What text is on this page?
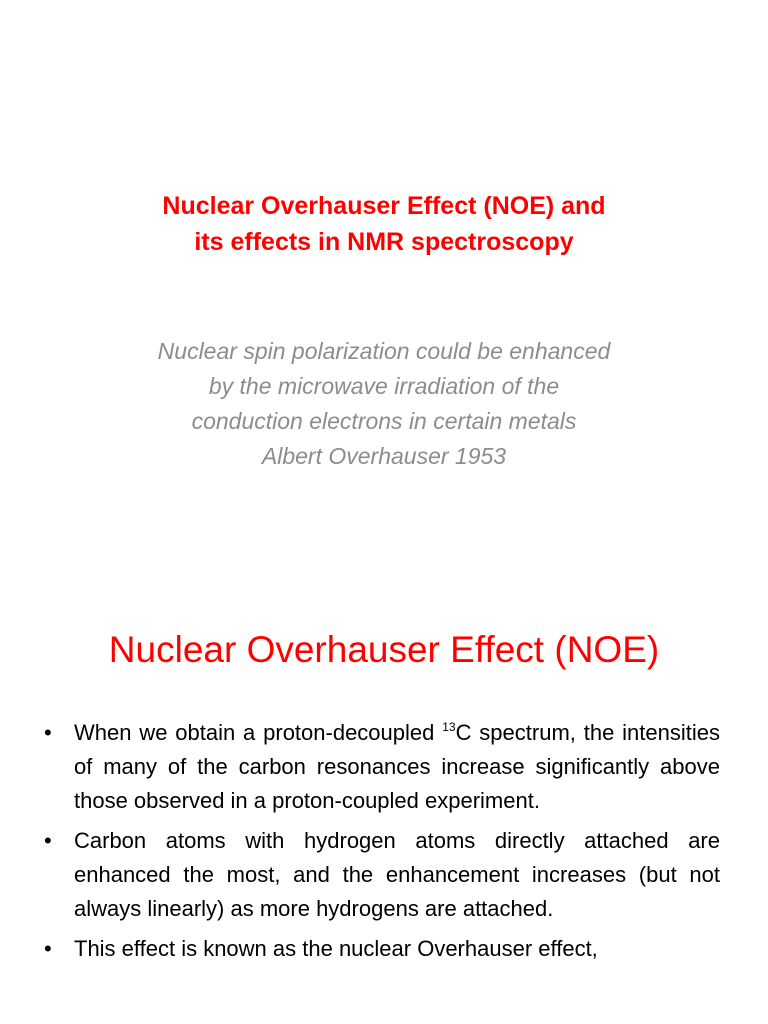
Nuclear Overhauser Effect (NOE) and
its effects in NMR spectroscopy
Nuclear spin polarization could be enhanced
by the microwave irradiation of the
conduction electrons in certain metals
Albert Overhauser 1953
Nuclear Overhauser Effect (NOE)
• When we obtain a proton-decoupled $^{13}$C spectrum, the intensities of many of the carbon resonances increase significantly above those observed in a proton-coupled experiment.
• Carbon atoms with hydrogen atoms directly attached are enhanced the most, and the enhancement increases (but not always linearly) as more hydrogens are attached.
• This effect is known as the nuclear Overhauser effect,
